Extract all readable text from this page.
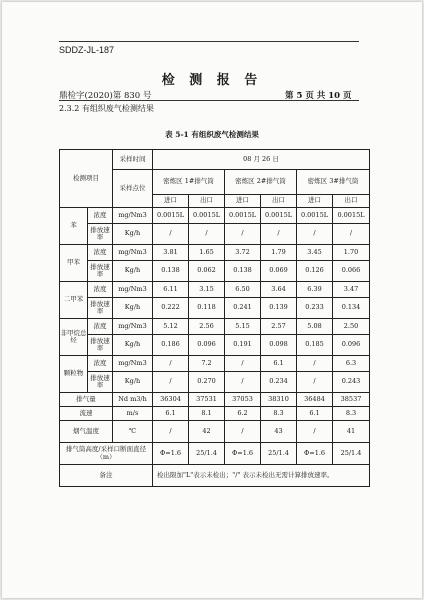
SDDZ-JL-187
检 测 报 告
鼎检字(2020)第 830 号	第 5 页 共 10 页
2.3.2 有组织废气检测结果
表 5-1 有组织废气检测结果
检测项目		采样时间	08 月 26 日					
		采样点位	密炼区 1#排气筒		密炼区 2#排气筒		密炼区 3#排气筒	
			进口	出口	进口	出口	进口	出口
苯	浓度	mg/Nm3	0.0015L	0.0015L	0.0015L	0.0015L	0.0015L	0.0015L
	排放速率	Kg/h	/	/	/	/	/	/
甲苯	浓度	mg/Nm3	3.81	1.65	3.72	1.79	3.45	1.70
	排放速率	Kg/h	0.138	0.062	0.138	0.069	0.126	0.066
二甲苯	浓度	mg/Nm3	6.11	3.15	6.50	3.64	6.39	3.47
	排放速率	Kg/h	0.222	0.118	0.241	0.139	0.233	0.134
非甲烷总烃	浓度	mg/Nm3	5.12	2.56	5.15	2.57	5.08	2.50
	排放速率	Kg/h	0.186	0.096	0.191	0.098	0.185	0.096
颗粒物	浓度	mg/Nm3	/	7.2	/	6.1	/	6.3
	排放速率	Kg/h	/	0.270	/	0.234	/	0.243
排气量		Nd m3/h	36304	37531	37053	38310	36484	38537
流速		m/s	6.1	8.1	6.2	8.3	6.1	8.3
烟气温度		℃	/	42	/	43	/	41
排气筒高度/采样口断面直径（m）			Φ=1.6	25/1.4	Φ=1.6	25/1.4	Φ=1.6	25/1.4
备注			检出限加"L"表示未检出；"/" 表示未检出无需计算排放速率。					
